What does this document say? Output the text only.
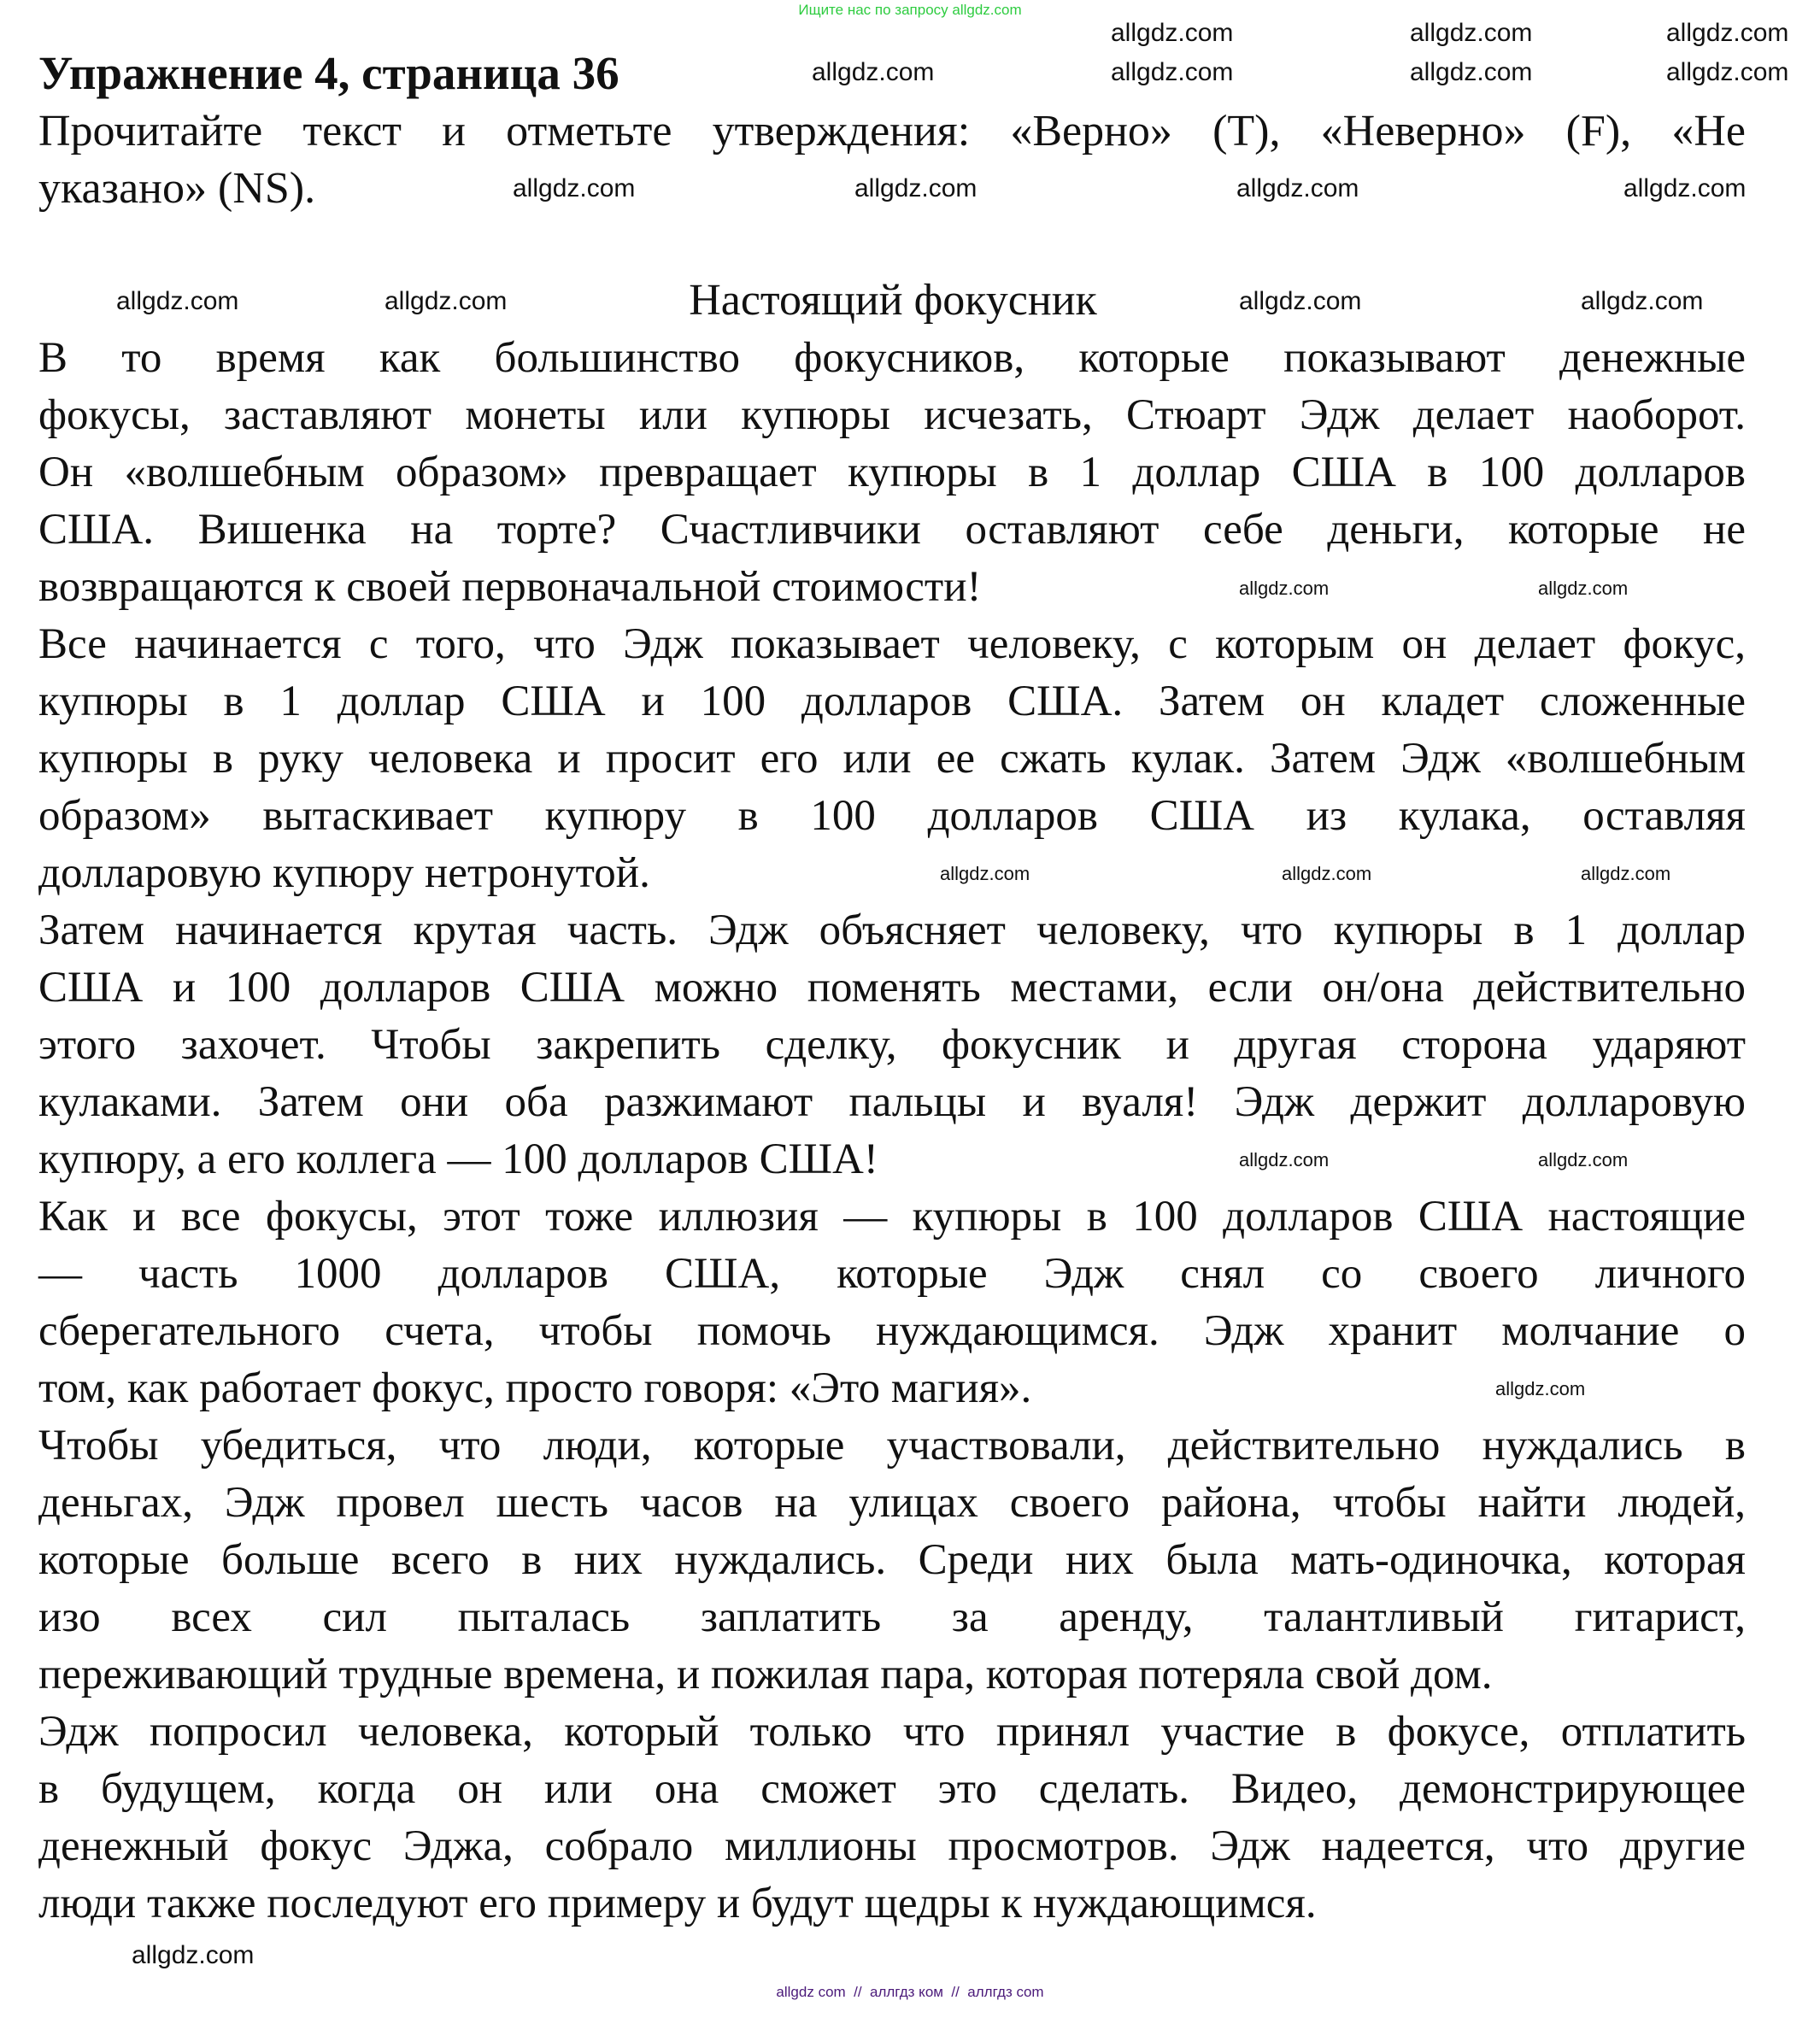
Ищите нас по запросу allgdz.com
Упражнение 4, страница 36
Прочитайте текст и отметьте утверждения: «Верно» (T), «Неверно» (F), «Не
указано» (NS).
Настоящий фокусник
В то время как большинство фокусников, которые показывают денежные
фокусы, заставляют монеты или купюры исчезать, Стюарт Эдж делает наоборот.
Он «волшебным образом» превращает купюры в 1 доллар США в 100 долларов
США. Вишенка на торте? Счастливчики оставляют себе деньги, которые не
возвращаются к своей первоначальной стоимости!
Все начинается с того, что Эдж показывает человеку, с которым он делает фокус,
купюры в 1 доллар США и 100 долларов США. Затем он кладет сложенные
купюры в руку человека и просит его или ее сжать кулак. Затем Эдж «волшебным
образом» вытаскивает купюру в 100 долларов США из кулака, оставляя
долларовую купюру нетронутой.
Затем начинается крутая часть. Эдж объясняет человеку, что купюры в 1 доллар
США и 100 долларов США можно поменять местами, если он/она действительно
этого захочет. Чтобы закрепить сделку, фокусник и другая сторона ударяют
кулаками. Затем они оба разжимают пальцы и вуаля! Эдж держит долларовую
купюру, а его коллега — 100 долларов США!
Как и все фокусы, этот тоже иллюзия — купюры в 100 долларов США настоящие
— часть 1000 долларов США, которые Эдж снял со своего личного
сберегательного счета, чтобы помочь нуждающимся. Эдж хранит молчание о
том, как работает фокус, просто говоря: «Это магия».
Чтобы убедиться, что люди, которые участвовали, действительно нуждались в
деньгах, Эдж провел шесть часов на улицах своего района, чтобы найти людей,
которые больше всего в них нуждались. Среди них была мать-одиночка, которая
изо всех сил пыталась заплатить за аренду, талантливый гитарист,
переживающий трудные времена, и пожилая пара, которая потеряла свой дом.
Эдж попросил человека, который только что принял участие в фокусе, отплатить
в будущем, когда он или она сможет это сделать. Видео, демонстрирующее
денежный фокус Эджа, собрало миллионы просмотров. Эдж надеется, что другие
люди также последуют его примеру и будут щедры к нуждающимся.
allgdz.com	allgdz.com	allgdz.com
allgdz.com	allgdz.com	allgdz.com	allgdz.com
allgdz.com	allgdz.com	allgdz.com	allgdz.com
allgdz.com	allgdz.com	allgdz.com	allgdz.com
allgdz.com	allgdz.com
allgdz.com	allgdz.com	allgdz.com
allgdz.com	allgdz.com
allgdz.com
allgdz.com
allgdz com  //  аллгдз ком  //  аллгдз com
